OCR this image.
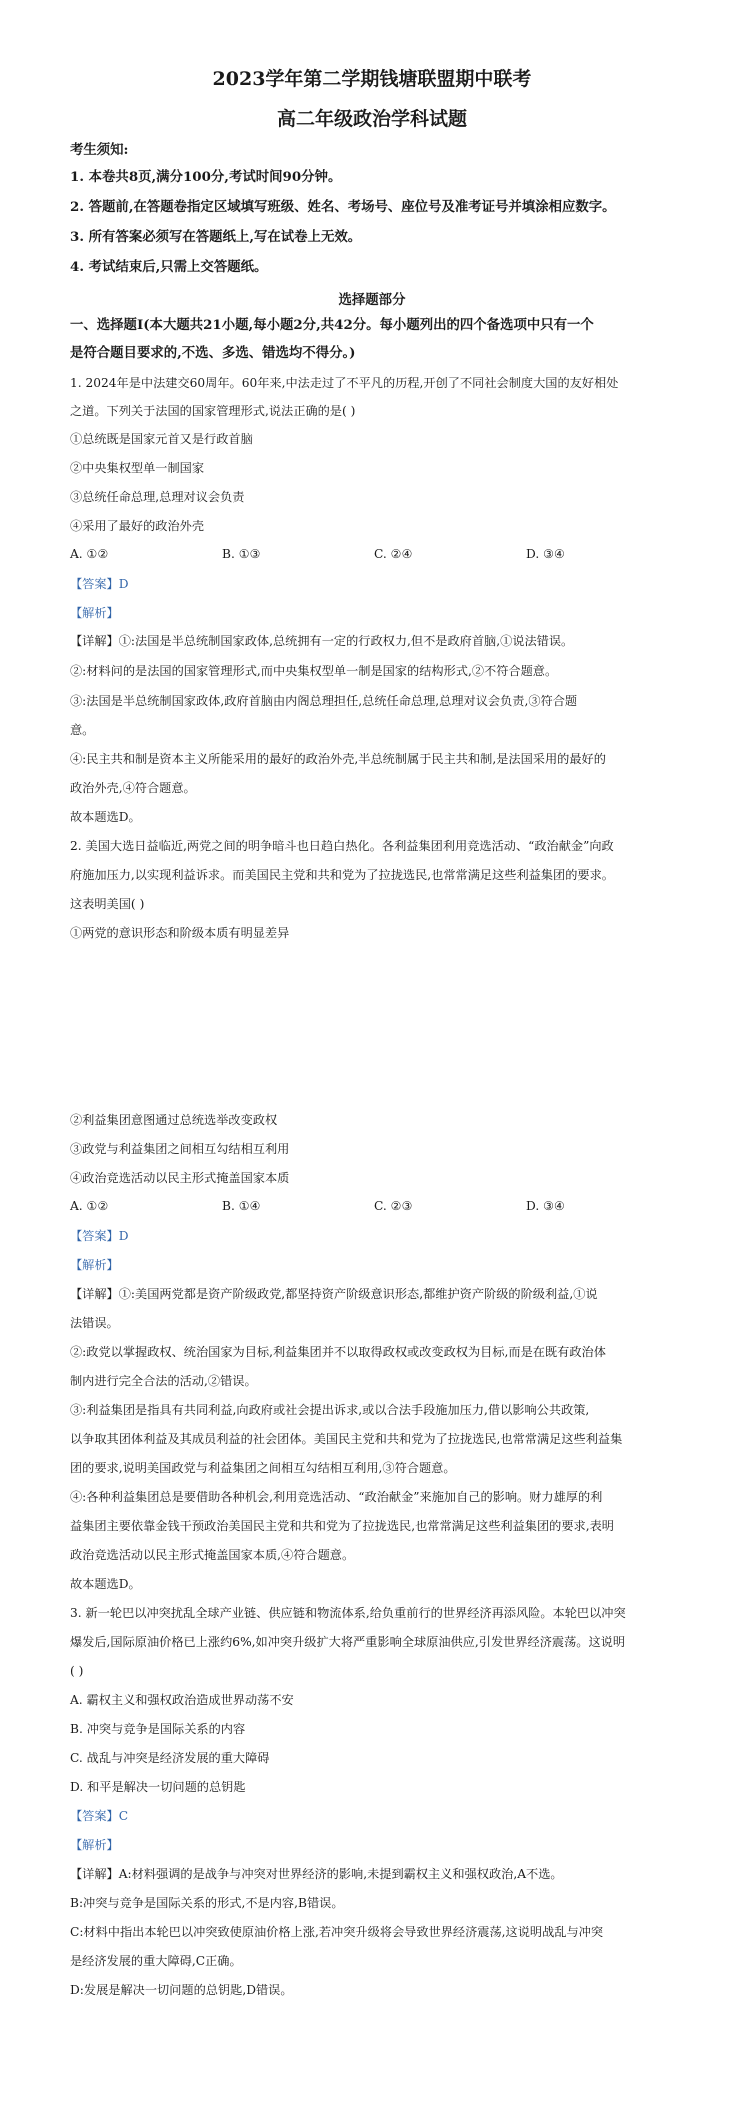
2023学年第二学期钱塘联盟期中联考
高二年级政治学科试题
考生须知:
1. 本卷共8页,满分100分,考试时间90分钟。
2. 答题前,在答题卷指定区域填写班级、姓名、考场号、座位号及准考证号并填涂相应数字。
3. 所有答案必须写在答题纸上,写在试卷上无效。
4. 考试结束后,只需上交答题纸。
选择题部分
一、选择题Ⅰ(本大题共21小题,每小题2分,共42分。每小题列出的四个备选项中只有一个
是符合题目要求的,不选、多选、错选均不得分。)
1. 2024年是中法建交60周年。60年来,中法走过了不平凡的历程,开创了不同社会制度大国的友好相处
之道。下列关于法国的国家管理形式,说法正确的是( )
①总统既是国家元首又是行政首脑
②中央集权型单一制国家
③总统任命总理,总理对议会负责
④采用了最好的政治外壳
A. ①②	B. ①③	C. ②④	D. ③④
【答案】D
【解析】
【详解】①:法国是半总统制国家政体,总统拥有一定的行政权力,但不是政府首脑,①说法错误。
②:材料问的是法国的国家管理形式,而中央集权型单一制是国家的结构形式,②不符合题意。
③:法国是半总统制国家政体,政府首脑由内阁总理担任,总统任命总理,总理对议会负责,③符合题
意。
④:民主共和制是资本主义所能采用的最好的政治外壳,半总统制属于民主共和制,是法国采用的最好的
政治外壳,④符合题意。
故本题选D。
2. 美国大选日益临近,两党之间的明争暗斗也日趋白热化。各利益集团利用竞选活动、“政治献金”向政
府施加压力,以实现利益诉求。而美国民主党和共和党为了拉拢选民,也常常满足这些利益集团的要求。
这表明美国( )
①两党的意识形态和阶级本质有明显差异
②利益集团意图通过总统选举改变政权
③政党与利益集团之间相互勾结相互利用
④政治竞选活动以民主形式掩盖国家本质
A. ①②	B. ①④	C. ②③	D. ③④
【答案】D
【解析】
【详解】①:美国两党都是资产阶级政党,都坚持资产阶级意识形态,都维护资产阶级的阶级利益,①说
法错误。
②:政党以掌握政权、统治国家为目标,利益集团并不以取得政权或改变政权为目标,而是在既有政治体
制内进行完全合法的活动,②错误。
③:利益集团是指具有共同利益,向政府或社会提出诉求,或以合法手段施加压力,借以影响公共政策,
以争取其团体利益及其成员利益的社会团体。美国民主党和共和党为了拉拢选民,也常常满足这些利益集
团的要求,说明美国政党与利益集团之间相互勾结相互利用,③符合题意。
④:各种利益集团总是要借助各种机会,利用竞选活动、“政治献金”来施加自己的影响。财力雄厚的利
益集团主要依靠金钱干预政治美国民主党和共和党为了拉拢选民,也常常满足这些利益集团的要求,表明
政治竞选活动以民主形式掩盖国家本质,④符合题意。
故本题选D。
3. 新一轮巴以冲突扰乱全球产业链、供应链和物流体系,给负重前行的世界经济再添风险。本轮巴以冲突
爆发后,国际原油价格已上涨约6%,如冲突升级扩大将严重影响全球原油供应,引发世界经济震荡。这说明
( )
A. 霸权主义和强权政治造成世界动荡不安
B. 冲突与竞争是国际关系的内容
C. 战乱与冲突是经济发展的重大障碍
D. 和平是解决一切问题的总钥匙
【答案】C
【解析】
【详解】A:材料强调的是战争与冲突对世界经济的影响,未提到霸权主义和强权政治,A不选。
B:冲突与竞争是国际关系的形式,不是内容,B错误。
C:材料中指出本轮巴以冲突致使原油价格上涨,若冲突升级将会导致世界经济震荡,这说明战乱与冲突
是经济发展的重大障碍,C正确。
D:发展是解决一切问题的总钥匙,D错误。
